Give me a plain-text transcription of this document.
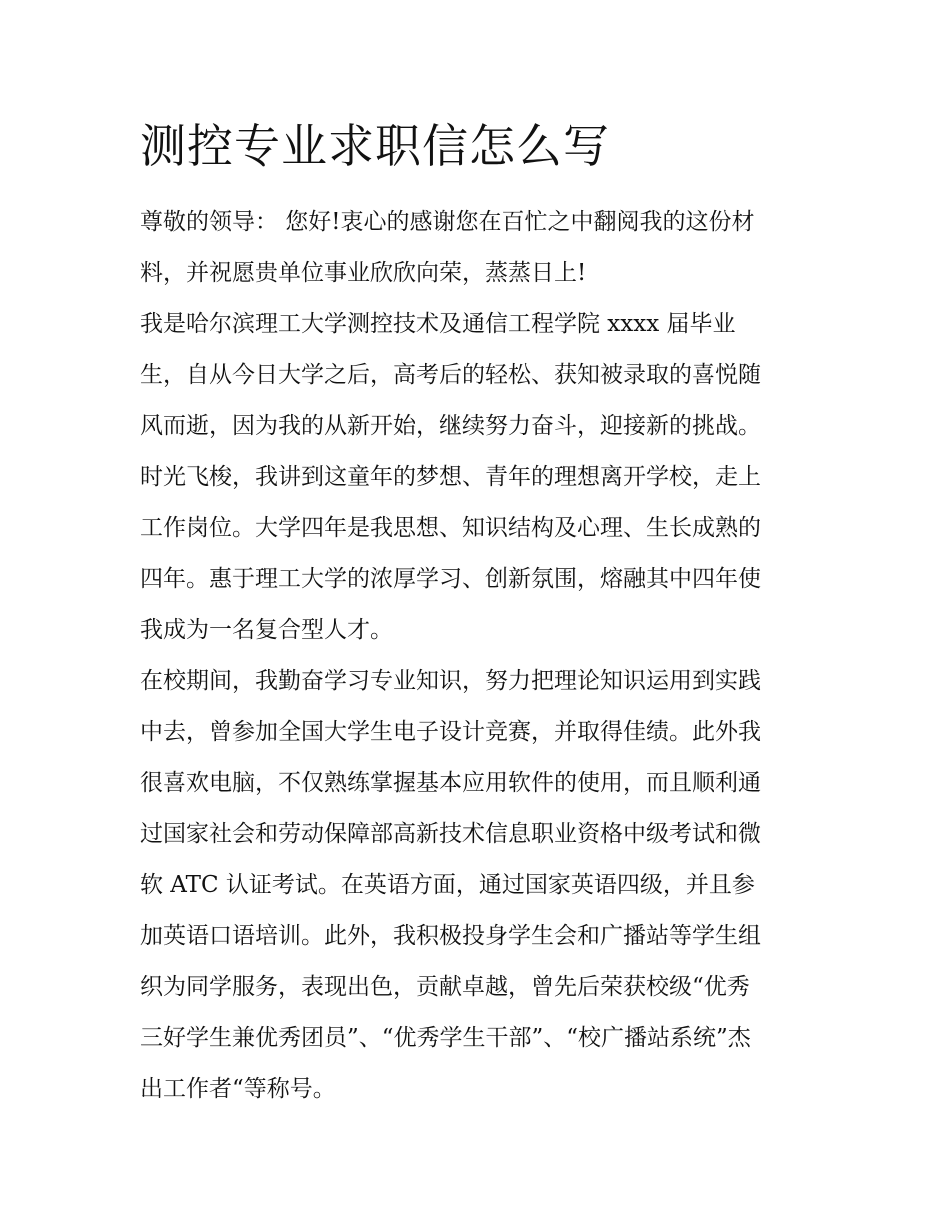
测控专业求职信怎么写
尊敬的领导： 您好!衷心的感谢您在百忙之中翻阅我的这份材
料，并祝愿贵单位事业欣欣向荣，蒸蒸日上!
我是哈尔滨理工大学测控技术及通信工程学院 xxxx 届毕业
生，自从今日大学之后，高考后的轻松、获知被录取的喜悦随
风而逝，因为我的从新开始，继续努力奋斗，迎接新的挑战。
时光飞梭，我讲到这童年的梦想、青年的理想离开学校，走上
工作岗位。大学四年是我思想、知识结构及心理、生长成熟的
四年。惠于理工大学的浓厚学习、创新氛围，熔融其中四年使
我成为一名复合型人才。
在校期间，我勤奋学习专业知识，努力把理论知识运用到实践
中去，曾参加全国大学生电子设计竞赛，并取得佳绩。此外我
很喜欢电脑，不仅熟练掌握基本应用软件的使用，而且顺利通
过国家社会和劳动保障部高新技术信息职业资格中级考试和微
软 ATC 认证考试。在英语方面，通过国家英语四级，并且参
加英语口语培训。此外，我积极投身学生会和广播站等学生组
织为同学服务，表现出色，贡献卓越，曾先后荣获校级“优秀
三好学生兼优秀团员”、“优秀学生干部”、“校广播站系统”杰
出工作者“等称号。
